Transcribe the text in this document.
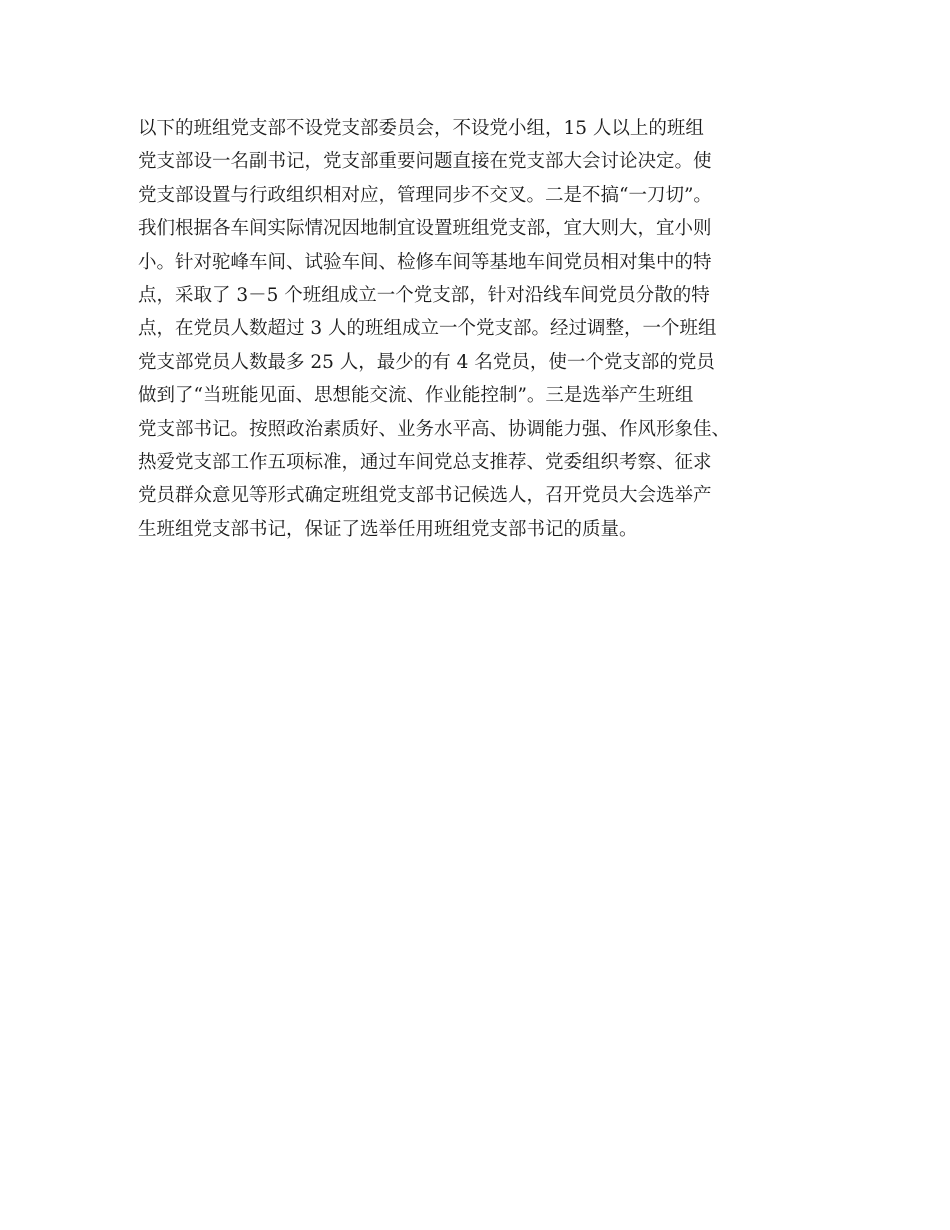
以下的班组党支部不设党支部委员会，不设党小组，15 人以上的班组
党支部设一名副书记，党支部重要问题直接在党支部大会讨论决定。使
党支部设置与行政组织相对应，管理同步不交叉。二是不搞“一刀切”。
我们根据各车间实际情况因地制宜设置班组党支部，宜大则大，宜小则
小。针对驼峰车间、试验车间、检修车间等基地车间党员相对集中的特
点，采取了 3－5 个班组成立一个党支部，针对沿线车间党员分散的特
点，在党员人数超过 3 人的班组成立一个党支部。经过调整，一个班组
党支部党员人数最多 25 人，最少的有 4 名党员，使一个党支部的党员
做到了“当班能见面、思想能交流、作业能控制”。三是选举产生班组
党支部书记。按照政治素质好、业务水平高、协调能力强、作风形象佳、
热爱党支部工作五项标准，通过车间党总支推荐、党委组织考察、征求
党员群众意见等形式确定班组党支部书记候选人，召开党员大会选举产
生班组党支部书记，保证了选举任用班组党支部书记的质量。
